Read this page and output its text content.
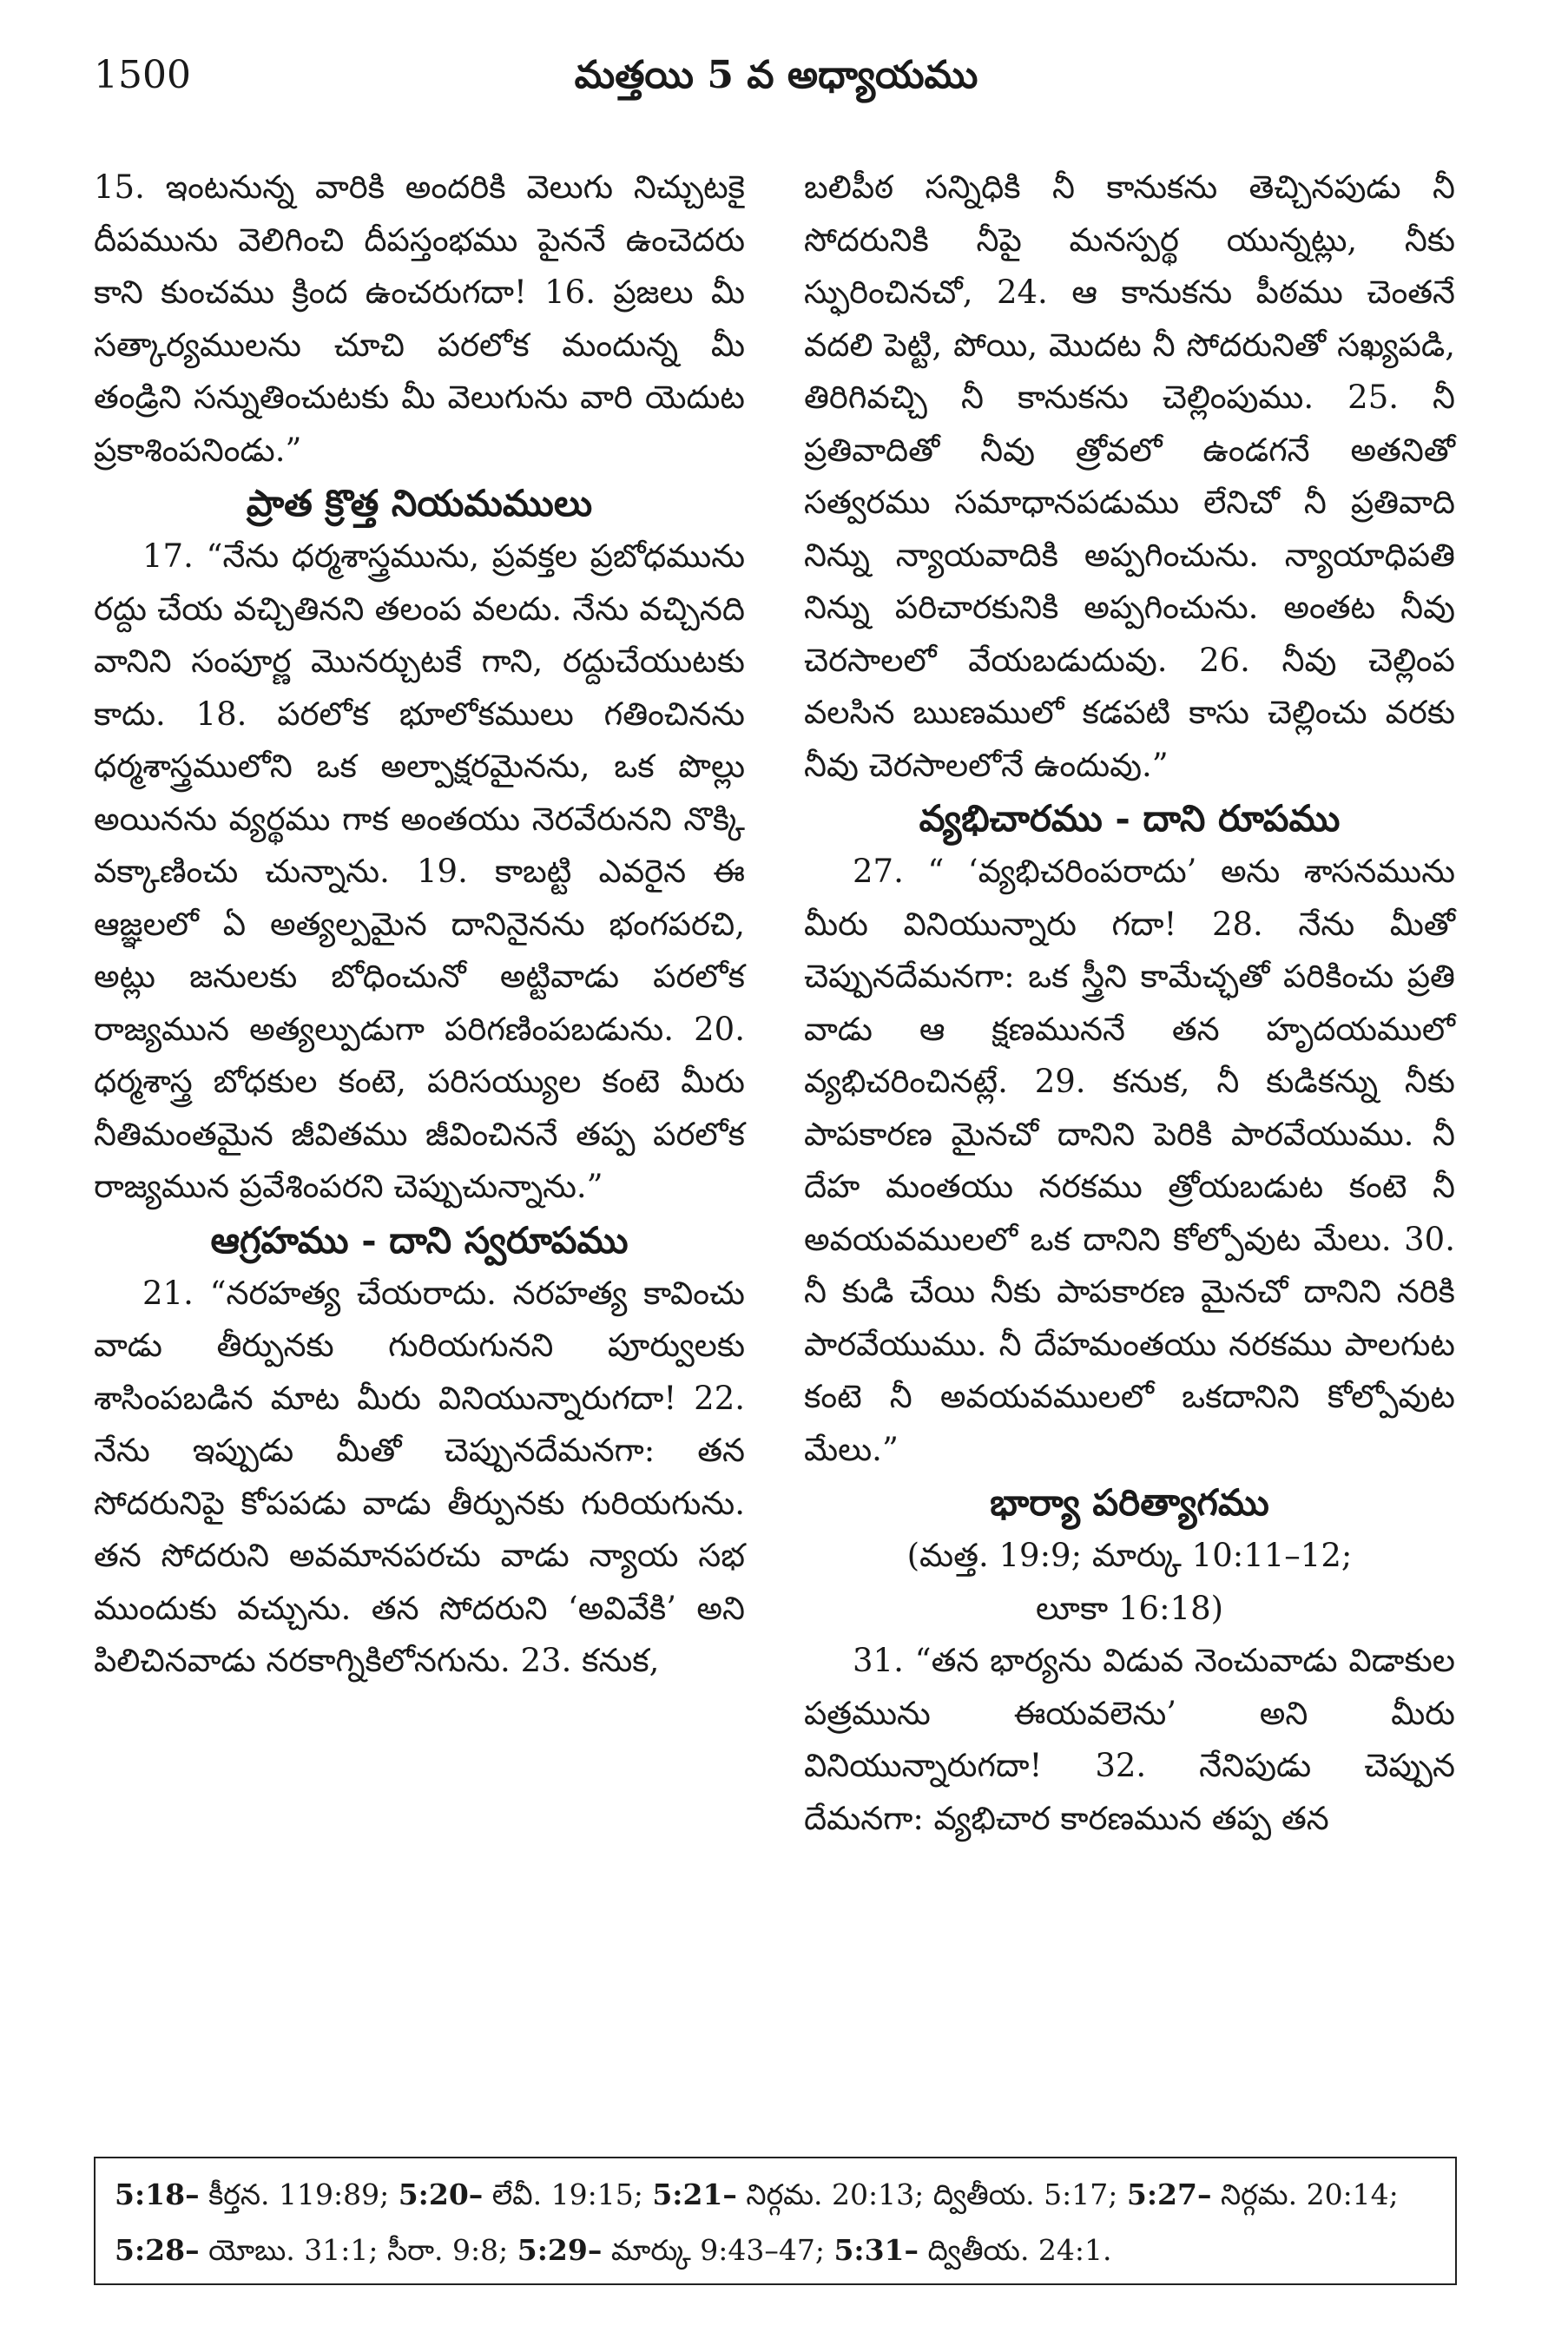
1500	మత్తయి 5 వ అధ్యాయము

15. ఇంటనున్న వారికి అందరికి వెలుగు నిచ్చుటకై దీపమును వెలిగించి దీపస్తంభము పైననే ఉంచెదరు కాని కుంచము క్రింద ఉంచరుగదా! 16. ప్రజలు మీ సత్కార్యములను చూచి పరలోక మందున్న మీ తండ్రిని సన్నుతించుటకు మీ వెలుగును వారి యెదుట ప్రకాశింపనిండు.”

ప్రాత క్రొత్త నియమములు

17. “నేను ధర్మశాస్త్రమును, ప్రవక్తల ప్రబోధమును రద్దు చేయ వచ్చితినని తలంప వలదు. నేను వచ్చినది వానిని సంపూర్ణ మొనర్చుటకే గాని, రద్దుచేయుటకు కాదు. 18. పరలోక భూలోకములు గతించినను ధర్మశాస్త్రములోని ఒక అల్పాక్షరమైనను, ఒక పొల్లు అయినను వ్యర్థము గాక అంతయు నెరవేరునని నొక్కి వక్కాణించు చున్నాను. 19. కాబట్టి ఎవరైన ఈ ఆజ్ఞలలో ఏ అత్యల్పమైన దానినైనను భంగపరచి, అట్లు జనులకు బోధించునో అట్టివాడు పరలోక రాజ్యమున అత్యల్పుడుగా పరిగణింపబడును. 20. ధర్మశాస్త్ర బోధకుల కంటె, పరిసయ్యుల కంటె మీరు నీతిమంతమైన జీవితము జీవించిననే తప్ప పరలోక రాజ్యమున ప్రవేశింపరని చెప్పుచున్నాను.”

ఆగ్రహము - దాని స్వరూపము

21. “నరహత్య చేయరాదు. నరహత్య కావించు వాడు తీర్పునకు గురియగునని పూర్వులకు శాసింపబడిన మాట మీరు వినియున్నారుగదా! 22. నేను ఇప్పుడు మీతో చెప్పునదేమనగా: తన సోదరునిపై కోపపడు వాడు తీర్పునకు గురియగును. తన సోదరుని అవమానపరచు వాడు న్యాయ సభ ముందుకు వచ్చును. తన సోదరుని ‘అవివేకి’ అని పిలిచినవాడు నరకాగ్నికిలోనగును. 23. కనుక,

బలిపీఠ సన్నిధికి నీ కానుకను తెచ్చినపుడు నీ సోదరునికి నీపై మనస్పర్థ యున్నట్లు, నీకు స్ఫురించినచో, 24. ఆ కానుకను పీఠము చెంతనే వదలి పెట్టి, పోయి, మొదట నీ సోదరునితో సఖ్యపడి, తిరిగివచ్చి నీ కానుకను చెల్లింపుము. 25. నీ ప్రతివాదితో నీవు త్రోవలో ఉండగనే అతనితో సత్వరము సమాధానపడుము లేనిచో నీ ప్రతివాది నిన్ను న్యాయవాదికి అప్పగించును. న్యాయాధిపతి నిన్ను పరిచారకునికి అప్పగించును. అంతట నీవు చెరసాలలో వేయబడుదువు. 26. నీవు చెల్లింప వలసిన ఋణములో కడపటి కాసు చెల్లించు వరకు నీవు చెరసాలలోనే ఉందువు.”

వ్యభిచారము - దాని రూపము

27. “ ‘వ్యభిచరింపరాదు’ అను శాసనమును మీరు వినియున్నారు గదా! 28. నేను మీతో చెప్పునదేమనగా: ఒక స్త్రీని కామేచ్ఛతో పరికించు ప్రతి వాడు ఆ క్షణముననే తన హృదయములో వ్యభిచరించినట్లే. 29. కనుక, నీ కుడికన్ను నీకు పాపకారణ మైనచో దానిని పెరికి పారవేయుము. నీ దేహ మంతయు నరకము త్రోయబడుట కంటె నీ అవయవములలో ఒక దానిని కోల్పోవుట మేలు. 30. నీ కుడి చేయి నీకు పాపకారణ మైనచో దానిని నరికి పారవేయుము. నీ దేహమంతయు నరకము పాలగుట కంటె నీ అవయవములలో ఒకదానిని కోల్పోవుట మేలు.”

భార్యా పరిత్యాగము

(మత్త. 19:9; మార్కు 10:11–12;

లూకా 16:18)

31. “తన భార్యను విడువ నెంచువాడు విడాకుల పత్రమును ఈయవలెను’ అని మీరు వినియున్నారుగదా! 32. నేనిపుడు చెప్పున దేమనగా: వ్యభిచార కారణమున తప్ప తన

5:18– కీర్తన. 119:89; 5:20– లేవీ. 19:15; 5:21– నిర్గమ. 20:13; ద్వితీయ. 5:17; 5:27– నిర్గమ. 20:14; 5:28– యోబు. 31:1; సీరా. 9:8; 5:29– మార్కు 9:43–47; 5:31– ద్వితీయ. 24:1.
